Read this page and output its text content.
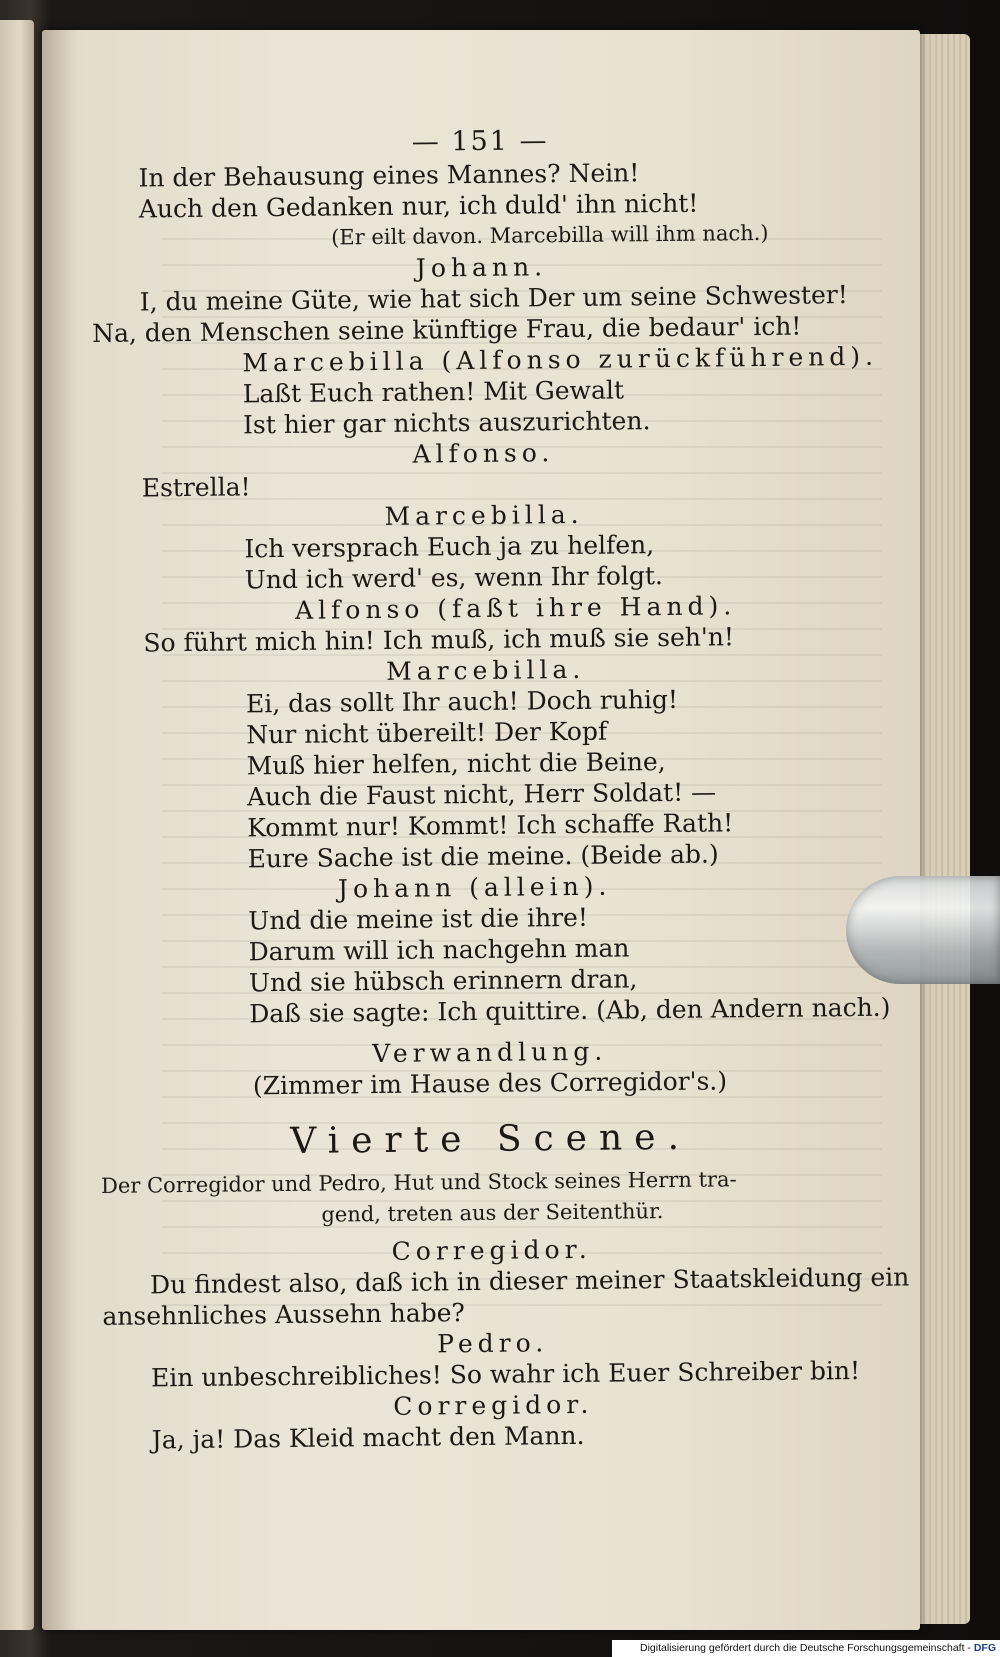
— 151 —
In der Behausung eines Mannes? Nein!
Auch den Gedanken nur, ich duld' ihn nicht!
(Er eilt davon. Marcebilla will ihm nach.)
Johann.
I, du meine Güte, wie hat sich Der um seine Schwester!
Na, den Menschen seine künftige Frau, die bedaur' ich!
Marcebilla (Alfonso zurückführend).
Laßt Euch rathen! Mit Gewalt
Ist hier gar nichts auszurichten.
Alfonso.
Estrella!
Marcebilla.
Ich versprach Euch ja zu helfen,
Und ich werd' es, wenn Ihr folgt.
Alfonso (faßt ihre Hand).
So führt mich hin! Ich muß, ich muß sie seh'n!
Marcebilla.
Ei, das sollt Ihr auch! Doch ruhig!
Nur nicht übereilt! Der Kopf
Muß hier helfen, nicht die Beine,
Auch die Faust nicht, Herr Soldat! —
Kommt nur! Kommt! Ich schaffe Rath!
Eure Sache ist die meine. (Beide ab.)
Johann (allein).
Und die meine ist die ihre!
Darum will ich nachgehn man
Und sie hübsch erinnern dran,
Daß sie sagte: Ich quittire. (Ab, den Andern nach.)
Verwandlung.
(Zimmer im Hause des Corregidor's.)
Vierte Scene.
Der Corregidor und Pedro, Hut und Stock seines Herrn tra-
gend, treten aus der Seitenthür.
Corregidor.
Du findest also, daß ich in dieser meiner Staatskleidung ein
ansehnliches Aussehn habe?
Pedro.
Ein unbeschreibliches! So wahr ich Euer Schreiber bin!
Corregidor.
Ja, ja! Das Kleid macht den Mann.
Digitalisierung gefördert durch die Deutsche Forschungsgemeinschaft - DFG
